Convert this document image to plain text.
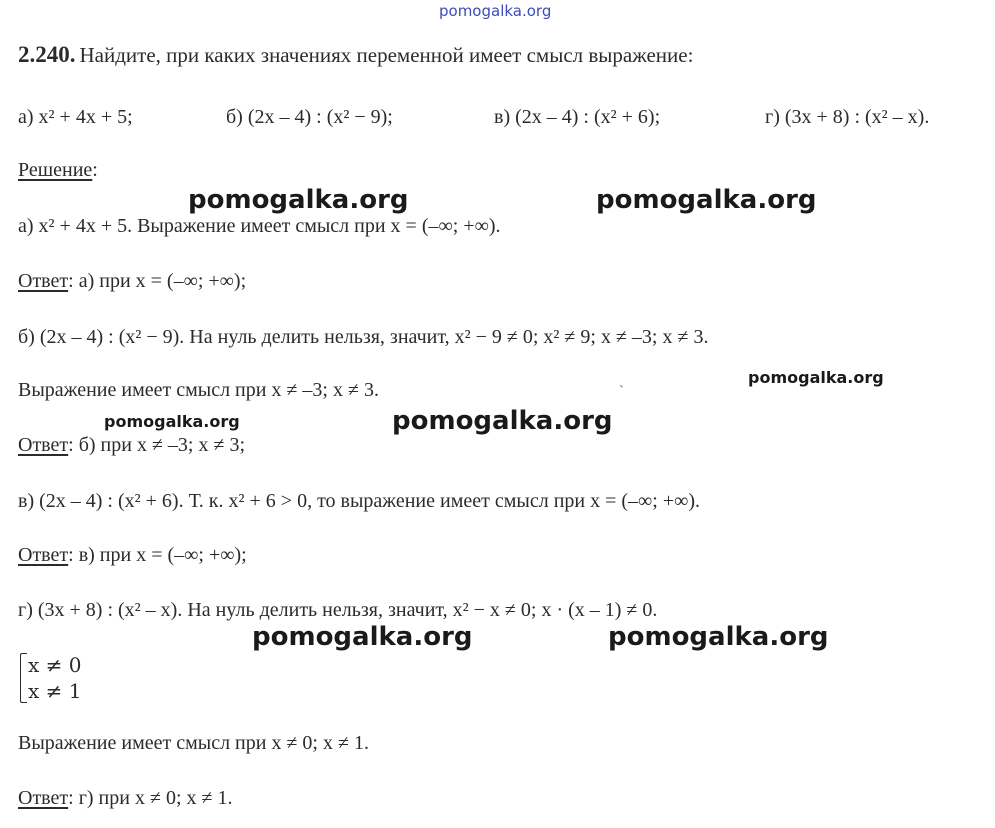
pomogalka.org
2.240. Найдите, при каких значениях переменной имеет смысл выражение:
а) x² + 4x + 5;	б) (2x – 4) : (x² − 9);	в) (2x – 4) : (x² + 6);	г) (3x + 8) : (x² – x).
Решение:
а) x² + 4x + 5. Выражение имеет смысл при x = (–∞; +∞).
Ответ: а) при x = (–∞; +∞);
б) (2x – 4) : (x² − 9). На нуль делить нельзя, значит, x² − 9 ≠ 0; x² ≠ 9; x ≠ –3; x ≠ 3.
Выражение имеет смысл при x ≠ –3; x ≠ 3.	ˋ
Ответ: б) при x ≠ –3; x ≠ 3;
в) (2x – 4) : (x² + 6). Т. к. x² + 6 > 0, то выражение имеет смысл при x = (–∞; +∞).
Ответ: в) при x = (–∞; +∞);
г) (3x + 8) : (x² – x). На нуль делить нельзя, значит, x² − x ≠ 0; x · (x – 1) ≠ 0.
x ≠ 0
x ≠ 1
Выражение имеет смысл при x ≠ 0; x ≠ 1.
Ответ: г) при x ≠ 0; x ≠ 1.
pomogalka.org	pomogalka.org
pomogalka.org
pomogalka.org	pomogalka.org
pomogalka.org	pomogalka.org
